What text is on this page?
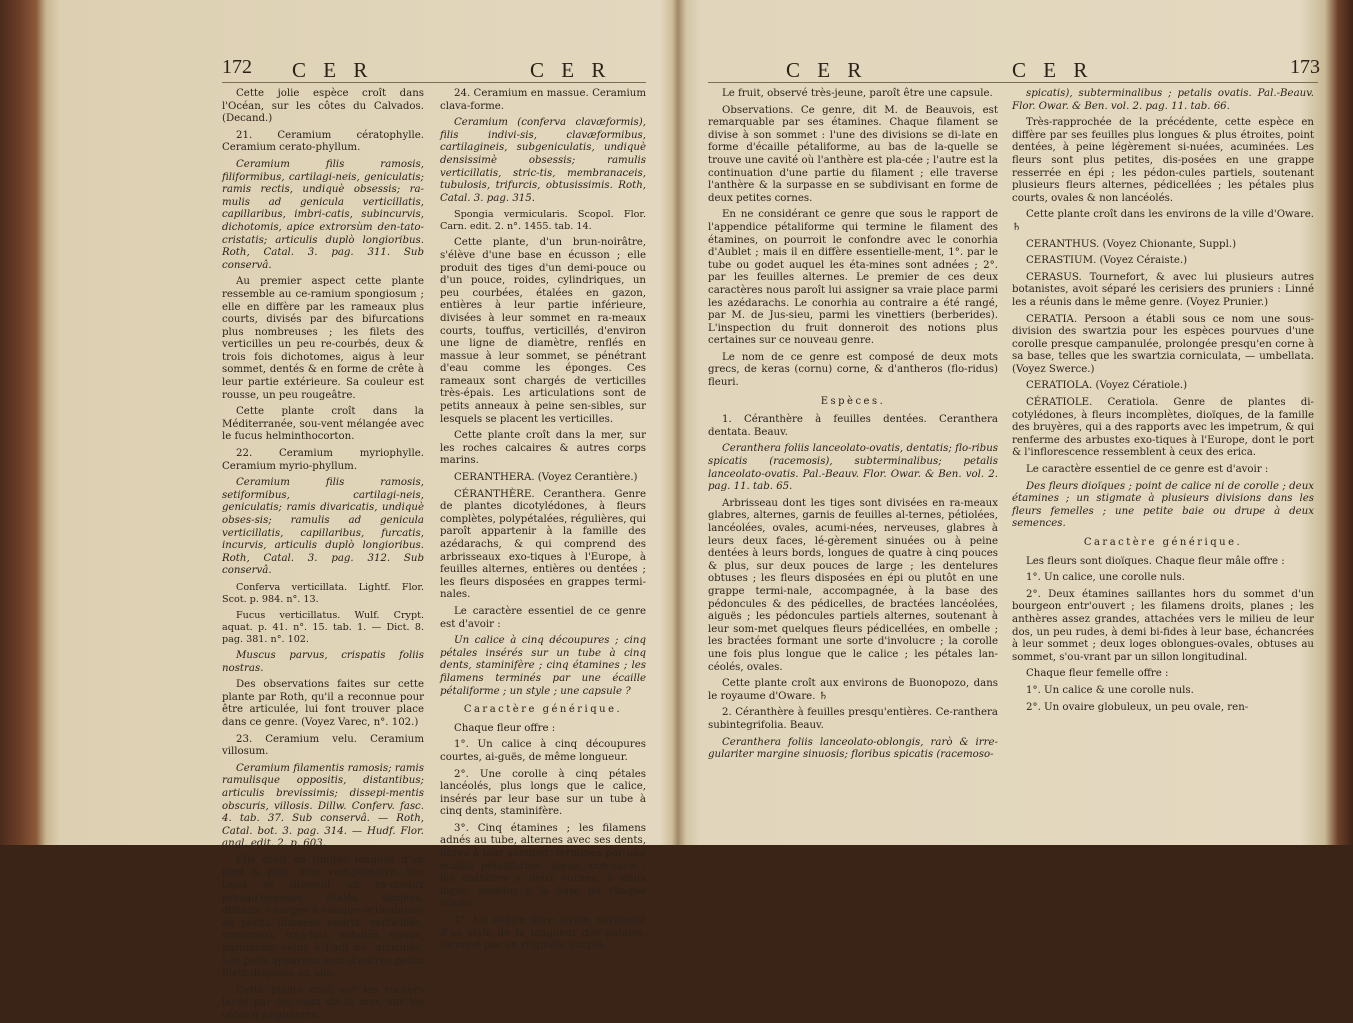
172 C E R	C E R

Cette jolie espèce croît dans l'Océan, sur les côtes du Calvados. (Decand.)

21. Ceramium cératophylle. Ceramium cerato-phyllum.

Ceramium filis ramosis, filiformibus, cartilagi-neis, geniculatis; ramis rectis, undiquè obsessis; ra-mulis ad genicula verticillatis, capillaribus, imbri-catis, subincurvis, dichotomis, apice extrorsùm den-tato-cristatis; articulis duplò longioribus. Roth, Catal. 3. pag. 311. Sub conservâ.

Au premier aspect cette plante ressemble au ce-ramium spongiosum ; elle en diffère par les rameaux plus courts, divisés par des bifurcations plus nombreuses ; les filets des verticilles un peu re-courbés, deux & trois fois dichotomes, aigus à leur sommet, dentés & en forme de crête à leur partie extérieure. Sa couleur est rousse, un peu rougeâtre.

Cette plante croît dans la Méditerranée, sou-vent mélangée avec le fucus helminthocorton.

22. Ceramium myriophylle. Ceramium myrio-phyllum.

Ceramium filis ramosis, setiformibus, cartilagi-neis, geniculatis; ramis divaricatis, undiquè obses-sis; ramulis ad genicula verticillatis, capillaribus, furcatis, incurvis, articulis duplò longioribus. Roth, Catal. 3. pag. 312. Sub conservâ.

Conferva verticillata. Lightf. Flor. Scot. p. 984. n°. 13.

Fucus verticillatus. Wulf. Crypt. aquat. p. 41. n°. 15. tab. 1. — Dict. 8. pag. 381. n°. 102.

Muscus parvus, crispatis foliis nostras.

Des observations faites sur cette plante par Roth, qu'il a reconnue pour être articulée, lui font trouver place dans ce genre. (Voyez Varec, n°. 102.)

23. Ceramium velu. Ceramium villosum.

Ceramium filamentis ramosis; ramis ramulisque oppositis, distantibus; articulis brevissimis; dissepi-mentis obscuris, villosis. Dillw. Conferv. fasc. 4. tab. 37. Sub conservâ. — Roth, Catal. bot. 3. pag. 314. — Hudf. Flor. angl. edit. 2. p. 603.

Elle croît en touffes longues d'un pied & plus, d'un vert-jaunâtre. Ses tiges se divisent en ra-meaux presqu'opposés, étalés, simples, distans, chargés à chaque articulation de petits filamens courts, verticillés, nombreux, très-fins, subulés, égaux, paroissant velus à l'œil nu, articulés. Les poils apparens sont d'autres petits filets disposés en aile.

Cette plante croît sur les rochers lavés par les eaux de la mer, sur les côtes d'Angleterre.

24. Ceramium en massue. Ceramium clava-forme.

Ceramium (conferva clavæformis), filis indivi-sis, clavæformibus, cartilagineis, subgeniculatis, undiquè densissimè obsessis; ramulis verticillatis, stric-tis, membranaceis, tubulosis, trifurcis, obtusissimis. Roth, Catal. 3. pag. 315.

Spongia vermicularis. Scopol. Flor. Carn. edit. 2. n°. 1455. tab. 14.

Cette plante, d'un brun-noirâtre, s'élève d'une base en écusson ; elle produit des tiges d'un demi-pouce ou d'un pouce, roides, cylindriques, un peu courbées, étalées en gazon, entières à leur partie inférieure, divisées à leur sommet en ra-meaux courts, touffus, verticillés, d'environ une ligne de diamètre, renflés en massue à leur sommet, se pénétrant d'eau comme les éponges. Ces rameaux sont chargés de verticilles très-épais. Les articulations sont de petits anneaux à peine sen-sibles, sur lesquels se placent les verticilles.

Cette plante croît dans la mer, sur les roches calcaires & autres corps marins.

CERANTHERA. (Voyez Cerantière.)

CÉRANTHÈRE. Ceranthera. Genre de plantes dicotylédones, à fleurs complètes, polypétalées, régulières, qui paroît appartenir à la famille des azédarachs, & qui comprend des arbrisseaux exo-tiques à l'Europe, à feuilles alternes, entières ou dentées ; les fleurs disposées en grappes termi-nales.

Le caractère essentiel de ce genre est d'avoir :

Un calice à cinq découpures ; cinq pétales insérés sur un tube à cinq dents, staminifère ; cinq étamines ; les filamens terminés par une écaille pétaliforme ; un style ; une capsule ?

Caractère générique.

Chaque fleur offre :

1°. Un calice à cinq découpures courtes, ai-guës, de même longueur.

2°. Une corolle à cinq pétales lancéolés, plus longs que le calice, insérés par leur base sur un tube à cinq dents, staminifère.

3°. Cinq étamines ; les filamens adnés au tube, alternes avec ses dents, libres à leur sommet, terminés par une écaille pétaliforme, aiguë, con-cave ; les anthères à deux cornes, à deux loges, sessiles à la base de chaque écaille.

4°. Un ovaire libre, ovale, surmonté d'un style de la longueur des pétales, terminé par un stigmate simple.

C E R	C E R	173

Le fruit, observé très-jeune, paroît être une capsule.

Observations. Ce genre, dit M. de Beauvois, est remarquable par ses étamines. Chaque filament se divise à son sommet : l'une des divisions se di-late en forme d'écaille pétaliforme, au bas de la-quelle se trouve une cavité où l'anthère est pla-cée ; l'autre est la continuation d'une partie du filament ; elle traverse l'anthère & la surpasse en se subdivisant en forme de deux petites cornes.

En ne considérant ce genre que sous le rapport de l'appendice pétaliforme qui termine le filament des étamines, on pourroit le confondre avec le conorhia d'Aublet ; mais il en diffère essentielle-ment, 1°. par le tube ou godet auquel les éta-mines sont adnées ; 2°. par les feuilles alternes. Le premier de ces deux caractères nous paroît lui assigner sa vraie place parmi les azédarachs. Le conorhia au contraire a été rangé, par M. de Jus-sieu, parmi les vinettiers (berberides). L'inspection du fruit donneroit des notions plus certaines sur ce nouveau genre.

Le nom de ce genre est composé de deux mots grecs, de keras (cornu) corne, & d'antheros (flo-ridus) fleuri.

Espèces.

1. Céranthère à feuilles dentées. Ceranthera dentata. Beauv.

Ceranthera foliis lanceolato-ovatis, dentatis; flo-ribus spicatis (racemosis), subterminalibus; petalis lanceolato-ovatis. Pal.-Beauv. Flor. Owar. & Ben. vol. 2. pag. 11. tab. 65.

Arbrisseau dont les tiges sont divisées en ra-meaux glabres, alternes, garnis de feuilles al-ternes, pétiolées, lancéolées, ovales, acumi-nées, nerveuses, glabres à leurs deux faces, lé-gèrement sinuées ou à peine dentées à leurs bords, longues de quatre à cinq pouces & plus, sur deux pouces de large ; les dentelures obtuses ; les fleurs disposées en épi ou plutôt en une grappe termi-nale, accompagnée, à la base des pédoncules & des pédicelles, de bractées lancéolées, aiguës ; les pédoncules partiels alternes, soutenant à leur som-met quelques fleurs pédicellées, en ombelle ; les bractées formant une sorte d'involucre ; la corolle une fois plus longue que le calice ; les pétales lan-céolés, ovales.

Cette plante croît aux environs de Buonopozo, dans le royaume d'Oware. ♄

2. Céranthère à feuilles presqu'entières. Ce-ranthera subintegrifolia. Beauv.

Ceranthera foliis lanceolato-oblongis, rarò & irre-gulariter margine sinuosis; floribus spicatis (racemoso-

spicatis), subterminalibus ; petalis ovatis. Pal.-Beauv. Flor. Owar. & Ben. vol. 2. pag. 11. tab. 66.

Très-rapprochée de la précédente, cette espèce en diffère par ses feuilles plus longues & plus étroites, point dentées, à peine légèrement si-nuées, acuminées. Les fleurs sont plus petites, dis-posées en une grappe resserrée en épi ; les pédon-cules partiels, soutenant plusieurs fleurs alternes, pédicellées ; les pétales plus courts, ovales & non lancéolés.

Cette plante croît dans les environs de la ville d'Oware. ♄

CERANTHUS. (Voyez Chionante, Suppl.)

CERASTIUM. (Voyez Céraiste.)

CERASUS. Tournefort, & avec lui plusieurs autres botanistes, avoit séparé les cerisiers des pruniers : Linné les a réunis dans le même genre. (Voyez Prunier.)

CERATIA. Persoon a établi sous ce nom une sous-division des swartzia pour les espèces pourvues d'une corolle presque campanulée, prolongée presqu'en corne à sa base, telles que les swartzia corniculata, — umbellata. (Voyez Swerce.)

CERATIOLA. (Voyez Cératiole.)

CÉRATIOLE. Ceratiola. Genre de plantes di-cotylédones, à fleurs incomplètes, dioïques, de la famille des bruyères, qui a des rapports avec les impetrum, & qui renferme des arbustes exo-tiques à l'Europe, dont le port & l'inflorescence ressemblent à ceux des erica.

Le caractère essentiel de ce genre est d'avoir :

Des fleurs dioïques ; point de calice ni de corolle ; deux étamines ; un stigmate à plusieurs divisions dans les fleurs femelles ; une petite baie ou drupe à deux semences.

Caractère générique.

Les fleurs sont dioïques. Chaque fleur mâle offre :

1°. Un calice, une corolle nuls.

2°. Deux étamines saillantes hors du sommet d'un bourgeon entr'ouvert ; les filamens droits, planes ; les anthères assez grandes, attachées vers le milieu de leur dos, un peu rudes, à demi bi-fides à leur base, échancrées à leur sommet ; deux loges oblongues-ovales, obtuses au sommet, s'ou-vrant par un sillon longitudinal.

Chaque fleur femelle offre :

1°. Un calice & une corolle nuls.

2°. Un ovaire globuleux, un peu ovale, ren-
